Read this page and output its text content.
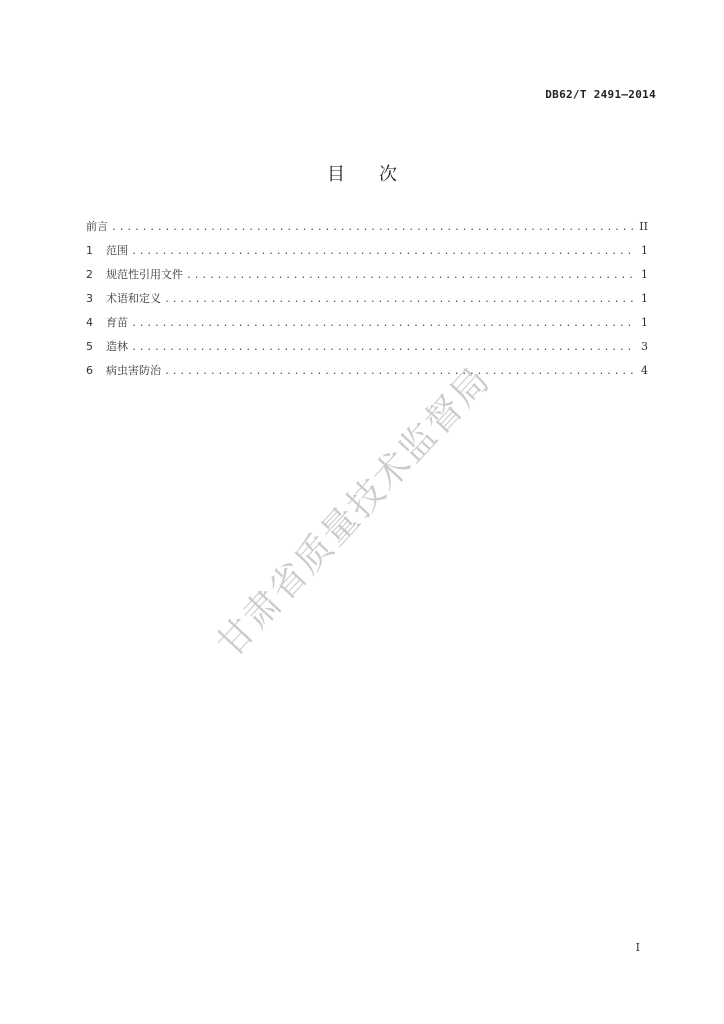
DB62/T 2491—2014
目 次
前言 .....	II
1	范围 .....	1
2	规范性引用文件 .....	1
3	术语和定义 .....	1
4	育苗 .....	1
5	造林 .....	3
6	病虫害防治 .....	4
甘肃省质量技术监督局
I
